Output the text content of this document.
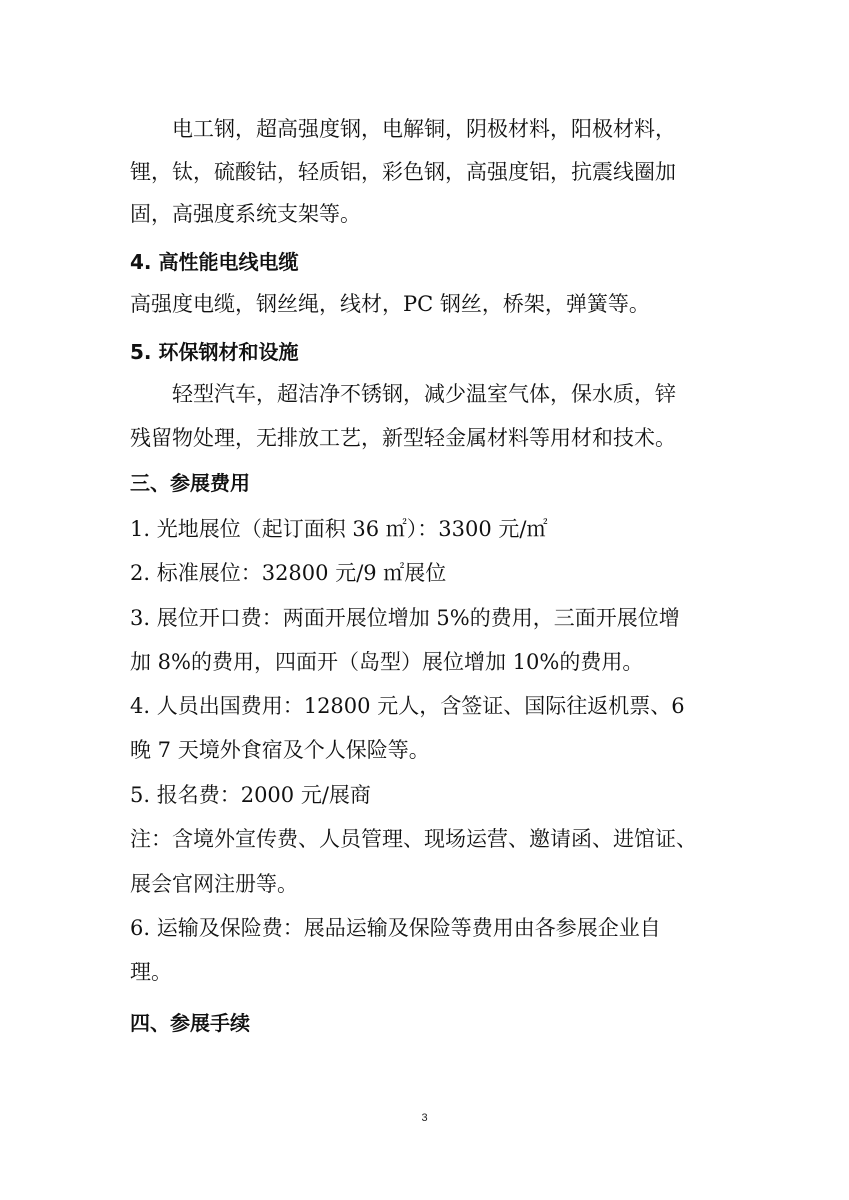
电工钢，超高强度钢，电解铜，阴极材料，阳极材料，
锂，钛，硫酸钴，轻质铝，彩色钢，高强度铝，抗震线圈加
固，高强度系统支架等。
4. 高性能电线电缆
高强度电缆，钢丝绳，线材，PC 钢丝，桥架，弹簧等。
5. 环保钢材和设施
轻型汽车，超洁净不锈钢，减少温室气体，保水质，锌
残留物处理，无排放工艺，新型轻金属材料等用材和技术。
三、参展费用
1. 光地展位（起订面积 36 ㎡）：3300 元/㎡
2. 标准展位：32800 元/9 ㎡展位
3. 展位开口费：两面开展位增加 5%的费用，三面开展位增
加 8%的费用，四面开（岛型）展位增加 10%的费用。
4. 人员出国费用：12800 元人，含签证、国际往返机票、6
晚 7 天境外食宿及个人保险等。
5. 报名费：2000 元/展商
注：含境外宣传费、人员管理、现场运营、邀请函、进馆证、
展会官网注册等。
6. 运输及保险费：展品运输及保险等费用由各参展企业自
理。
四、参展手续
3
